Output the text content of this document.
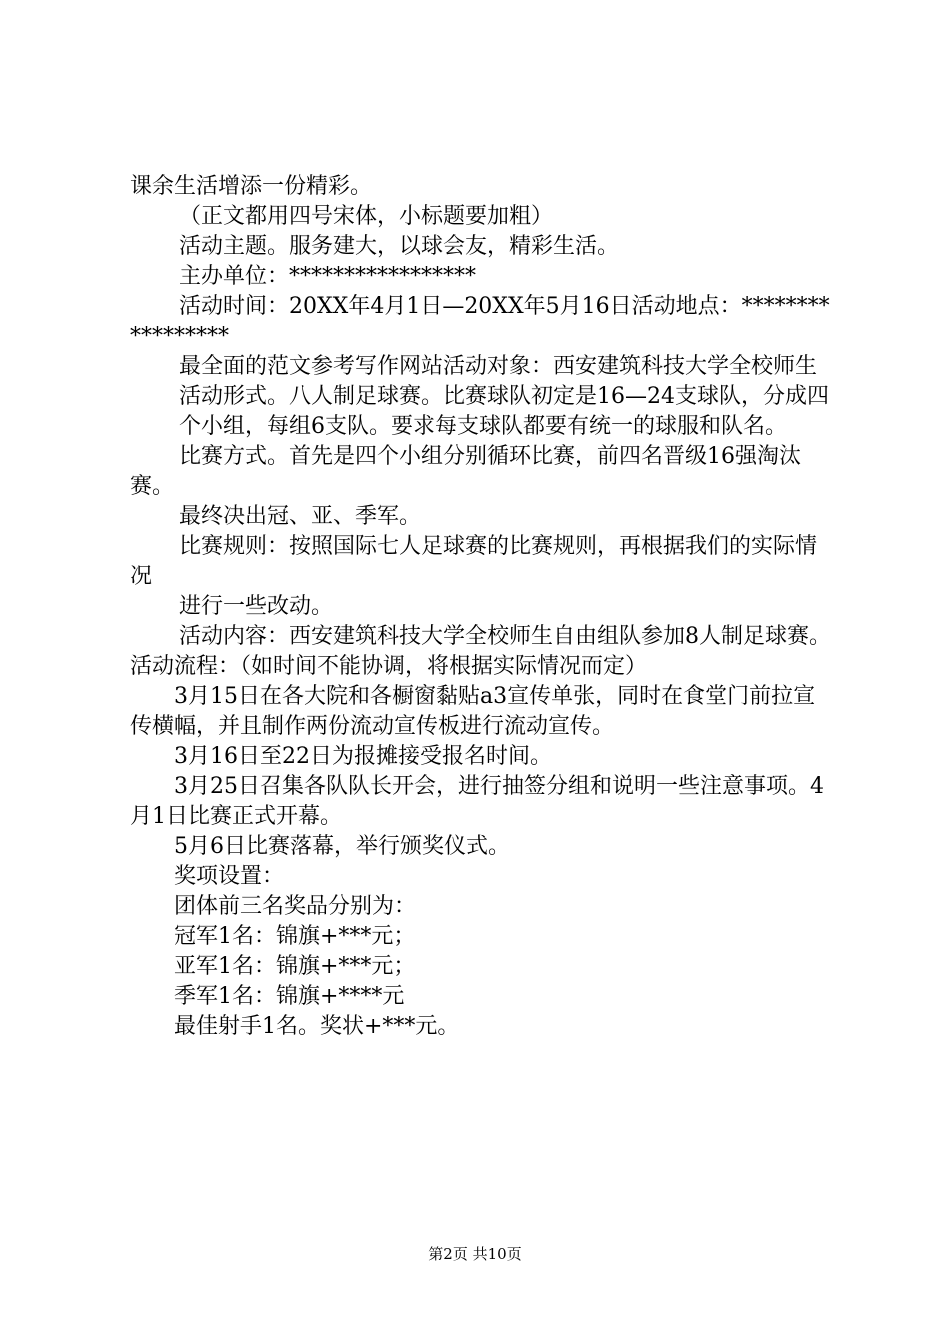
课余生活增添一份精彩。

（正文都用四号宋体，小标题要加粗）

活动主题。服务建大，以球会友，精彩生活。

主办单位：*****************

活动时间：20XX年4月1日—20XX年5月16日活动地点：*****************

最全面的范文参考写作网站活动对象：西安建筑科技大学全校师生

活动形式。八人制足球赛。比赛球队初定是16—24支球队，分成四

个小组，每组6支队。要求每支球队都要有统一的球服和队名。

比赛方式。首先是四个小组分别循环比赛，前四名晋级16强淘汰赛。

最终决出冠、亚、季军。

比赛规则：按照国际七人足球赛的比赛规则，再根据我们的实际情况

进行一些改动。

活动内容：西安建筑科技大学全校师生自由组队参加8人制足球赛。活动流程：（如时间不能协调，将根据实际情况而定）

3月15日在各大院和各橱窗黏贴a3宣传单张，同时在食堂门前拉宣传横幅，并且制作两份流动宣传板进行流动宣传。

3月16日至22日为报摊接受报名时间。

3月25日召集各队队长开会，进行抽签分组和说明一些注意事项。4月1日比赛正式开幕。

5月6日比赛落幕，举行颁奖仪式。

奖项设置：

团体前三名奖品分别为：

冠军1名：锦旗+***元；

亚军1名：锦旗+***元；

季军1名：锦旗+****元

最佳射手1名。奖状+***元。

第2页 共10页
